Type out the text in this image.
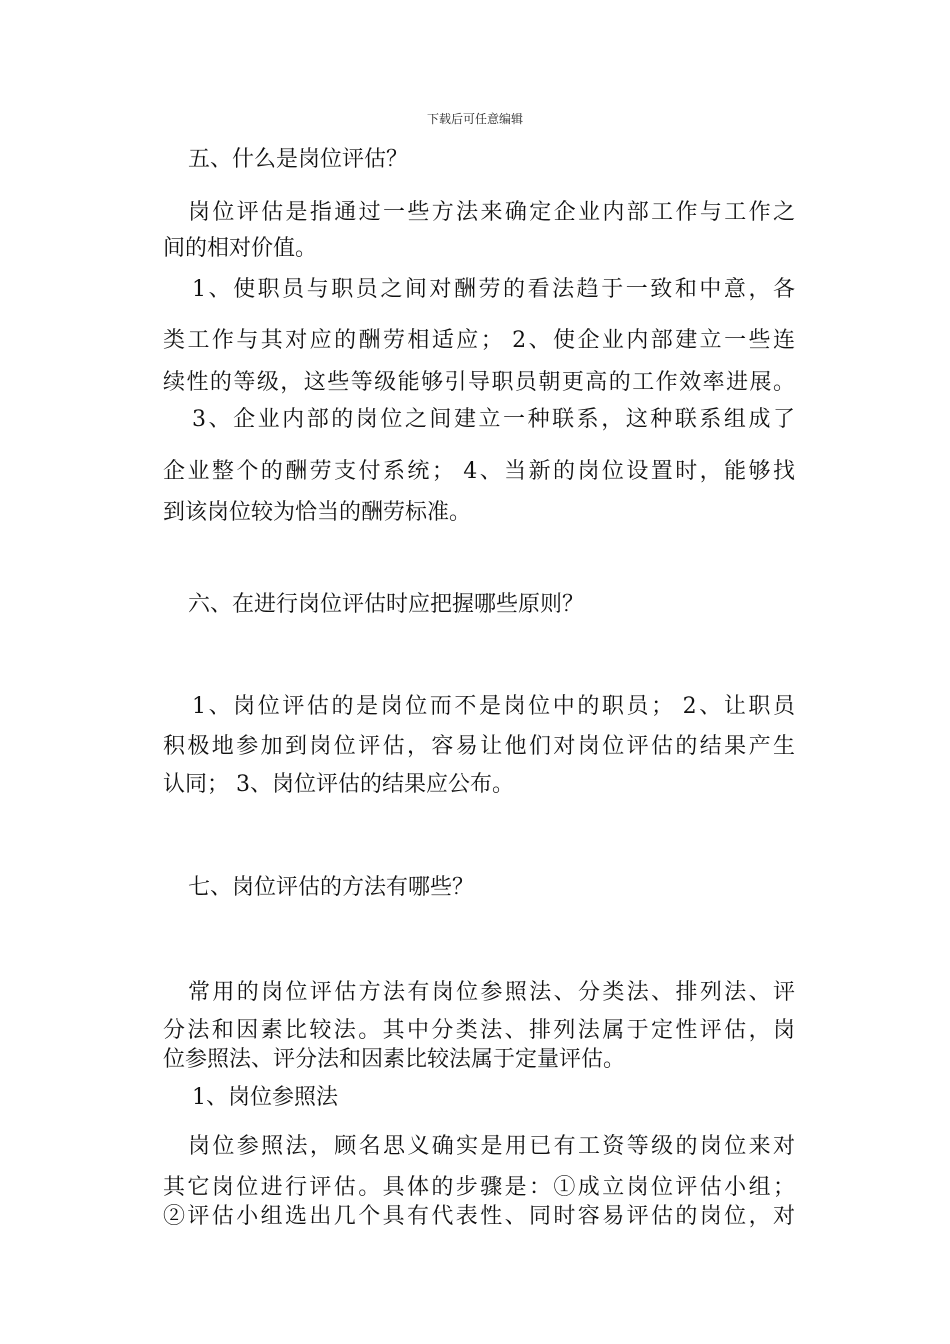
下载后可任意编辑
五、什么是岗位评估？
岗位评估是指通过一些方法来确定企业内部工作与工作之
间的相对价值。
1、使职员与职员之间对酬劳的看法趋于一致和中意，各
类工作与其对应的酬劳相适应； 2、使企业内部建立一些连
续性的等级，这些等级能够引导职员朝更高的工作效率进展。
3、企业内部的岗位之间建立一种联系，这种联系组成了
企业整个的酬劳支付系统； 4、当新的岗位设置时，能够找
到该岗位较为恰当的酬劳标准。
六、在进行岗位评估时应把握哪些原则？
1、岗位评估的是岗位而不是岗位中的职员； 2、让职员
积极地参加到岗位评估，容易让他们对岗位评估的结果产生
认同； 3、岗位评估的结果应公布。
七、岗位评估的方法有哪些？
常用的岗位评估方法有岗位参照法、分类法、排列法、评
分法和因素比较法。其中分类法、排列法属于定性评估，岗
位参照法、评分法和因素比较法属于定量评估。
1、岗位参照法
岗位参照法，顾名思义确实是用已有工资等级的岗位来对
其它岗位进行评估。具体的步骤是：①成立岗位评估小组；
②评估小组选出几个具有代表性、同时容易评估的岗位，对
